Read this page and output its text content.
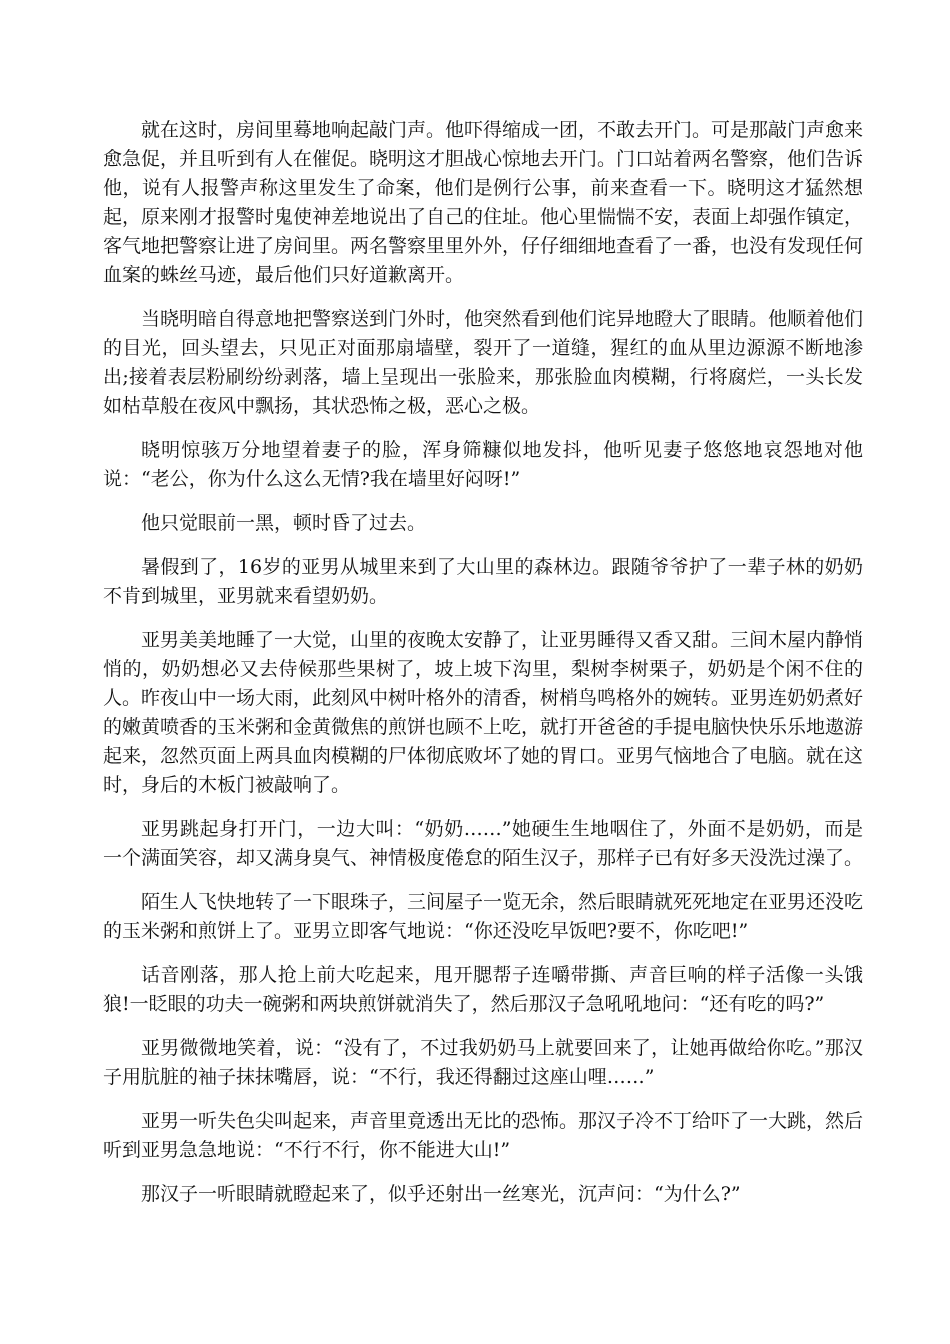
就在这时，房间里蓦地响起敲门声。他吓得缩成一团，不敢去开门。可是那敲门声愈来愈急促，并且听到有人在催促。晓明这才胆战心惊地去开门。门口站着两名警察，他们告诉他，说有人报警声称这里发生了命案，他们是例行公事，前来查看一下。晓明这才猛然想起，原来刚才报警时鬼使神差地说出了自己的住址。他心里惴惴不安，表面上却强作镇定，客气地把警察让进了房间里。两名警察里里外外，仔仔细细地查看了一番，也没有发现任何血案的蛛丝马迹，最后他们只好道歉离开。

当晓明暗自得意地把警察送到门外时，他突然看到他们诧异地瞪大了眼睛。他顺着他们的目光，回头望去，只见正对面那扇墙壁，裂开了一道缝，猩红的血从里边源源不断地渗出;接着表层粉刷纷纷剥落，墙上呈现出一张脸来，那张脸血肉模糊，行将腐烂，一头长发如枯草般在夜风中飘扬，其状恐怖之极，恶心之极。

晓明惊骇万分地望着妻子的脸，浑身筛糠似地发抖，他听见妻子悠悠地哀怨地对他说：“老公，你为什么这么无情?我在墙里好闷呀!”

他只觉眼前一黑，顿时昏了过去。

暑假到了，16岁的亚男从城里来到了大山里的森林边。跟随爷爷护了一辈子林的奶奶不肯到城里，亚男就来看望奶奶。

亚男美美地睡了一大觉，山里的夜晚太安静了，让亚男睡得又香又甜。三间木屋内静悄悄的，奶奶想必又去侍候那些果树了，坡上坡下沟里，梨树李树栗子，奶奶是个闲不住的人。昨夜山中一场大雨，此刻风中树叶格外的清香，树梢鸟鸣格外的婉转。亚男连奶奶煮好的嫩黄喷香的玉米粥和金黄微焦的煎饼也顾不上吃，就打开爸爸的手提电脑快快乐乐地遨游起来，忽然页面上两具血肉模糊的尸体彻底败坏了她的胃口。亚男气恼地合了电脑。就在这时，身后的木板门被敲响了。

亚男跳起身打开门，一边大叫：“奶奶……”她硬生生地咽住了，外面不是奶奶，而是一个满面笑容，却又满身臭气、神情极度倦怠的陌生汉子，那样子已有好多天没洗过澡了。

陌生人飞快地转了一下眼珠子，三间屋子一览无余，然后眼睛就死死地定在亚男还没吃的玉米粥和煎饼上了。亚男立即客气地说：“你还没吃早饭吧?要不，你吃吧!”

话音刚落，那人抢上前大吃起来，甩开腮帮子连嚼带撕、声音巨响的样子活像一头饿狼!一眨眼的功夫一碗粥和两块煎饼就消失了，然后那汉子急吼吼地问：“还有吃的吗?”

亚男微微地笑着，说：“没有了，不过我奶奶马上就要回来了，让她再做给你吃。”那汉子用肮脏的袖子抹抹嘴唇，说：“不行，我还得翻过这座山哩……”

亚男一听失色尖叫起来，声音里竟透出无比的恐怖。那汉子冷不丁给吓了一大跳，然后听到亚男急急地说：“不行不行，你不能进大山!”

那汉子一听眼睛就瞪起来了，似乎还射出一丝寒光，沉声问：“为什么?”
